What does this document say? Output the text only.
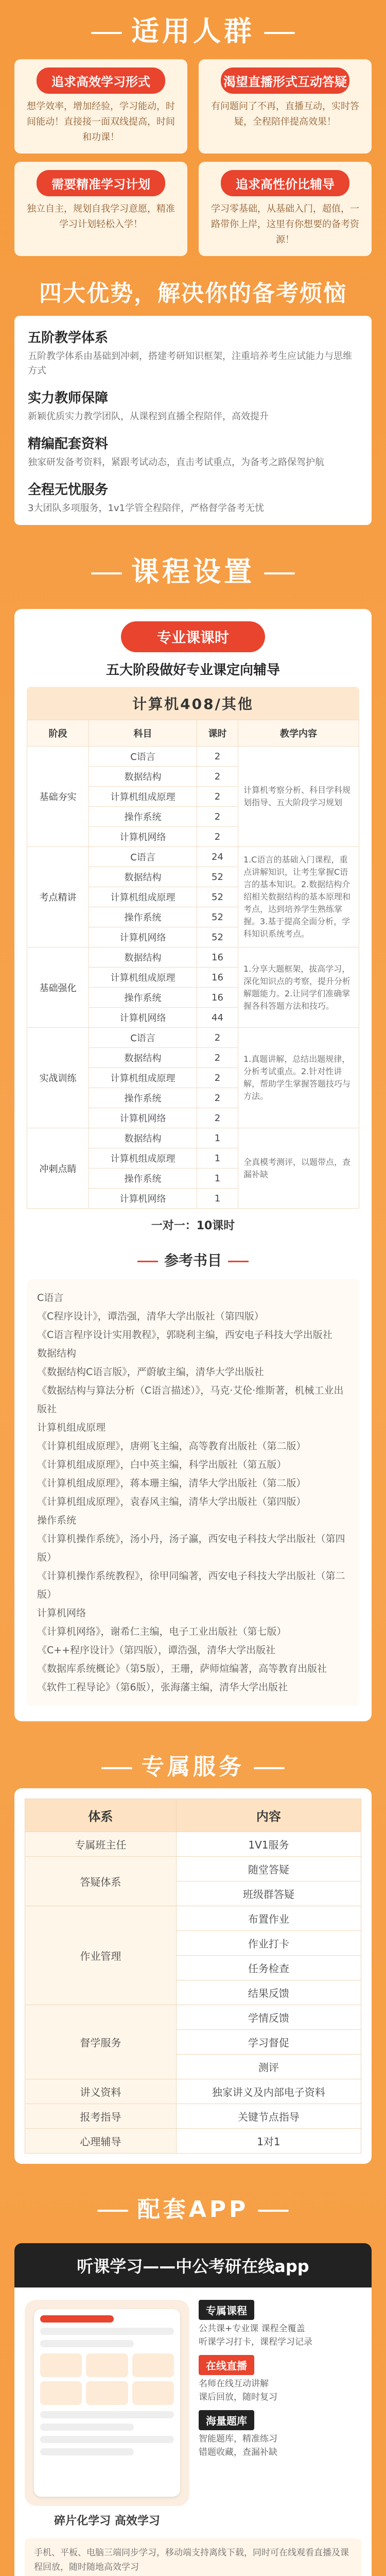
适用人群
追求高效学习形式

想学效率，增加经验，学习能动，时间能动！直接接一面双线提高，时间和功课！

渴望直播形式互动答疑

有问题问了不再，直播互动，实时答疑，全程陪伴提高效果！

需要精准学习计划

独立自主，规划自我学习意愿，精准学习计划轻松入学！

追求高性价比辅导

学习零基础，从基础入门，超值，一路带你上岸，这里有你想要的备考资源！

四大优势，解决你的备考烦恼
五阶教学体系
五阶教学体系由基础到冲刺，搭建考研知识框架，注重培养考生应试能力与思维方式
实力教师保障
新颖优质实力教学团队，从课程到直播全程陪伴，高效提升
精编配套资料
独家研发备考资料，紧跟考试动态，直击考试重点，为备考之路保驾护航
全程无忧服务
3大团队多项服务，1v1学管全程陪伴，严格督学备考无忧
课程设置
专业课课时
五大阶段做好专业课定向辅导
计算机408/其他
阶段	科目	课时	教学内容
基础夯实	C语言	2	计算机考察分析、科目学科规划指导、五大阶段学习规划
	数据结构	2	
	计算机组成原理	2	
	操作系统	2	
	计算机网络	2	
考点精讲	C语言	24	1.C语言的基础入门课程，重点讲解知识，让考生掌握C语言的基本知识。2.数据结构介绍相关数据结构的基本原理和考点，达到培养学生熟练掌握。3.基于提高全面分析，学科知识系统考点。
	数据结构	52	
	计算机组成原理	52	
	操作系统	52	
	计算机网络	52	
基础强化	数据结构	16	1.分享大题框架，拔高学习，深化知识点的考察，提升分析解题能力。2.让同学们准确掌握各科答题方法和技巧。
	计算机组成原理	16	
	操作系统	16	
	计算机网络	44	
实战训练	C语言	2	1.真题讲解，总结出题规律，分析考试重点。2.针对性讲解，帮助学生掌握答题技巧与方法。
	数据结构	2	
	计算机组成原理	2	
	操作系统	2	
	计算机网络	2	
冲刺点睛	数据结构	1	全真模考测评，以题带点，查漏补缺
	计算机组成原理	1	
	操作系统	1	
	计算机网络	1	
一对一：10课时
参考书目
C语言
《C程序设计》，谭浩强，清华大学出版社（第四版）
《C语言程序设计实用教程》，郭晓利主编，西安电子科技大学出版社
数据结构
《数据结构C语言版》，严蔚敏主编，清华大学出版社
《数据结构与算法分析（C语言描述）》，马克·艾伦·维斯著，机械工业出版社
计算机组成原理
《计算机组成原理》，唐朔飞主编，高等教育出版社（第二版）
《计算机组成原理》，白中英主编，科学出版社（第五版）
《计算机组成原理》，蒋本珊主编，清华大学出版社（第二版）
《计算机组成原理》，袁春风主编，清华大学出版社（第四版）
操作系统
《计算机操作系统》，汤小丹，汤子瀛，西安电子科技大学出版社（第四版）
《计算机操作系统教程》，徐甲同编著，西安电子科技大学出版社（第二版）
计算机网络
《计算机网络》，谢希仁主编，电子工业出版社（第七版）
《C++程序设计》（第四版），谭浩强，清华大学出版社
《数据库系统概论》（第5版），王珊，萨师煊编著，高等教育出版社
《软件工程导论》（第6版），张海藩主编，清华大学出版社
专属服务
体系	内容
专属班主任	1V1服务
答疑体系	随堂答疑
	班级群答疑
作业管理	布置作业
	作业打卡
	任务检查
	结果反馈
督学服务	学情反馈
	学习督促
	测评
讲义资料	独家讲义及内部电子资料
报考指导	关键节点指导
心理辅导	1对1
配套APP
听课学习——中公考研在线app
碎片化学习 高效学习
专属课程
公共课+专业课 课程全覆盖
听课学习打卡，课程学习记录
在线直播
名师在线互动讲解
课后回放，随时复习
海量题库
智能题库，精准练习
错题收藏，查漏补缺
手机、平板、电脑三端同步学习，移动端支持离线下载，同时可在线观看直播及课程回放，随时随地高效学习
